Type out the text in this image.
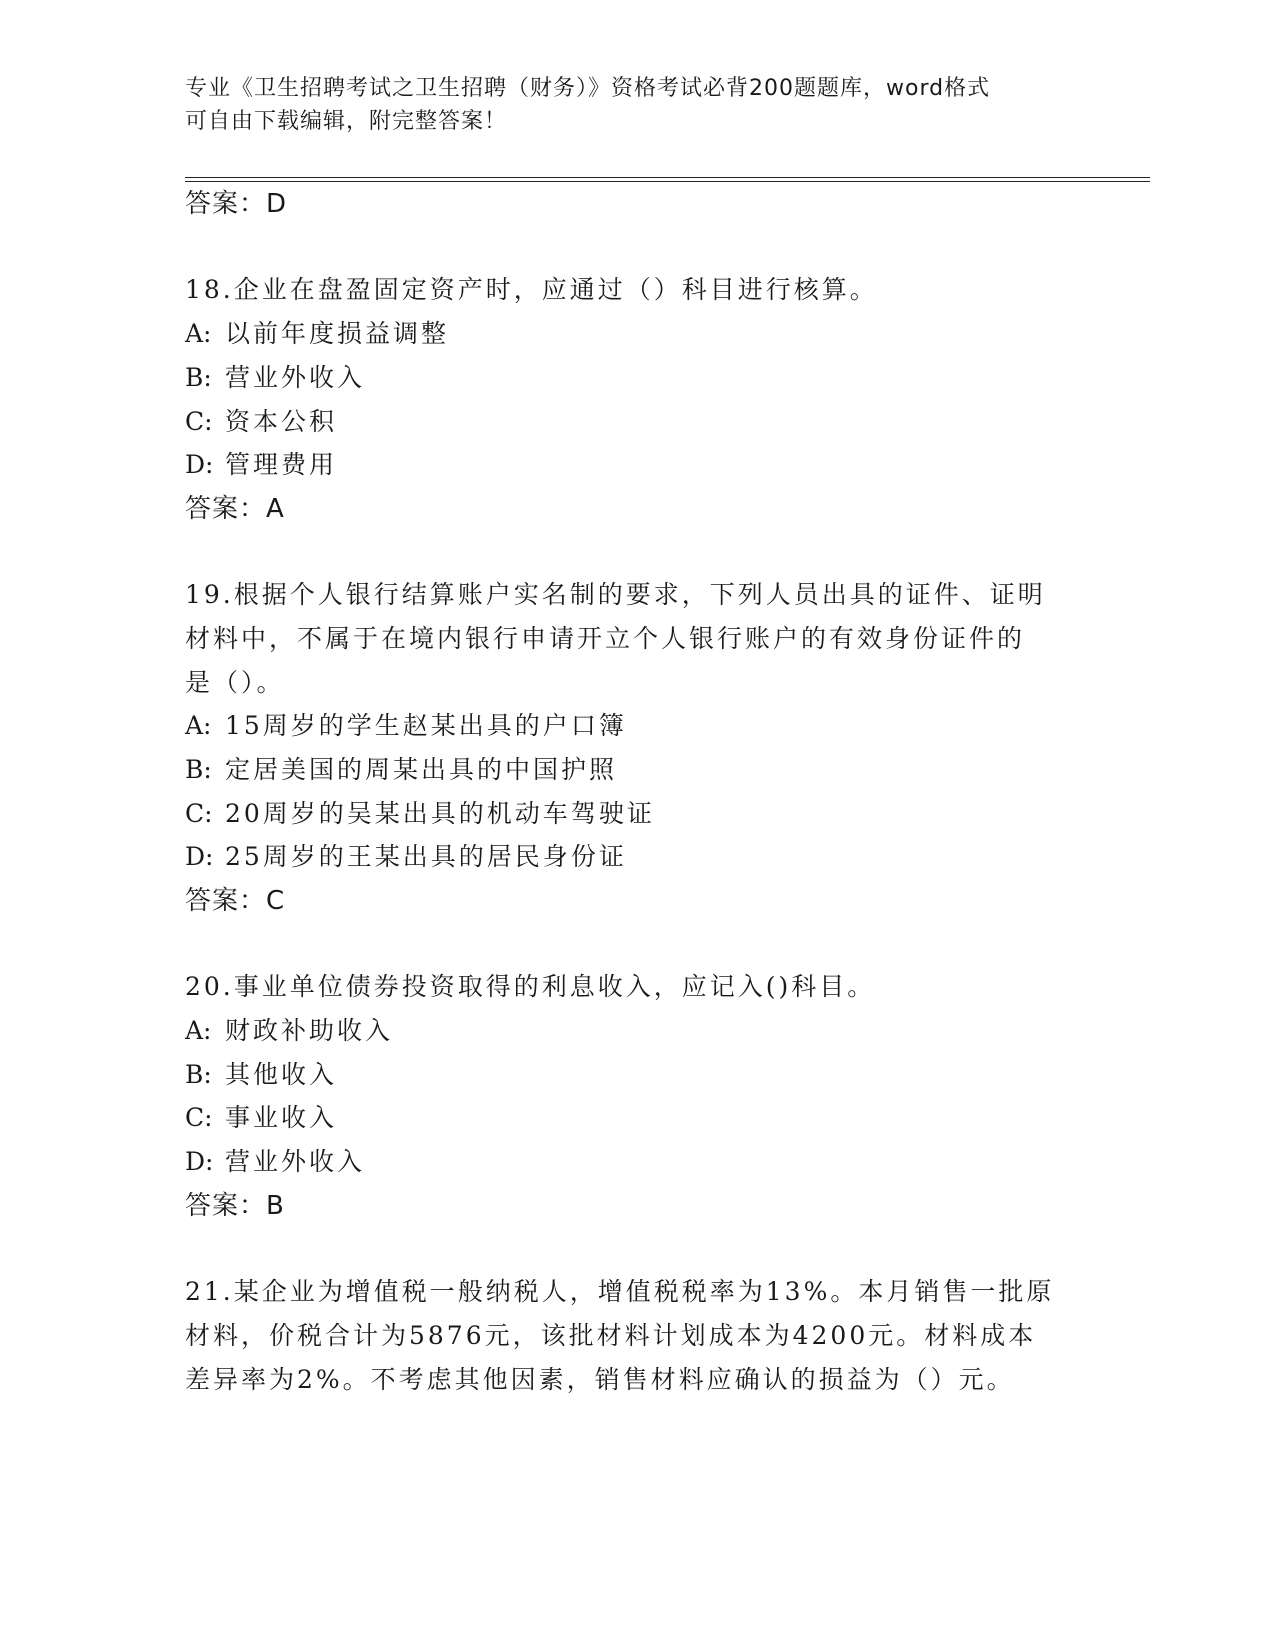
专业《卫生招聘考试之卫生招聘（财务）》资格考试必背200题题库，word格式
可自由下载编辑，附完整答案！
答案：D
18.企业在盘盈固定资产时，应通过（）科目进行核算。
A: 以前年度损益调整
B: 营业外收入
C: 资本公积
D: 管理费用
答案：A
19.根据个人银行结算账户实名制的要求，下列人员出具的证件、证明
材料中，不属于在境内银行申请开立个人银行账户的有效身份证件的
是（）。
A: 15周岁的学生赵某出具的户口簿
B: 定居美国的周某出具的中国护照
C: 20周岁的吴某出具的机动车驾驶证
D: 25周岁的王某出具的居民身份证
答案：C
20.事业单位债券投资取得的利息收入，应记入()科目。
A: 财政补助收入
B: 其他收入
C: 事业收入
D: 营业外收入
答案：B
21.某企业为增值税一般纳税人，增值税税率为13%。本月销售一批原
材料，价税合计为5876元，该批材料计划成本为4200元。材料成本
差异率为2%。不考虑其他因素，销售材料应确认的损益为（）元。
